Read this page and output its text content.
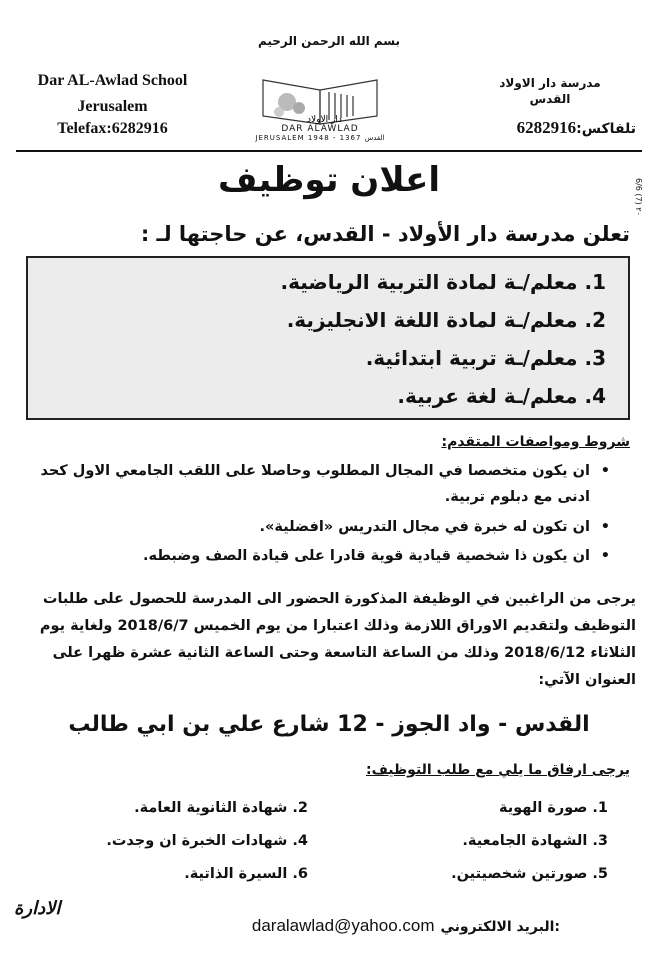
بسم الله الرحمن الرحيم
Dar AL-Awlad School
Jerusalem
Telefax:6282916
مدرسة دار الاولاد
القدس
تلفاكس:6282916
دار الاولاد
DAR ALAWLAD
JERUSALEM 1948 - 1367 القدس
6/6 (7) ٢٠
اعلان توظيف
تعلن مدرسة دار الأولاد - القدس، عن حاجتها لـ :
1. معلم/ـة لمادة التربية الرياضية.
2. معلم/ـة لمادة اللغة الانجليزية.
3. معلم/ـة تربية ابتدائية.
4. معلم/ـة لغة عربية.
شروط ومواصفات المتقدم:
• ان يكون متخصصا في المجال المطلوب وحاصلا على اللقب الجامعي الاول كحد ادنى مع دبلوم تربية.
• ان تكون له خبرة في مجال التدريس «افضلية».
• ان يكون ذا شخصية قيادية قوية قادرا على قيادة الصف وضبطه.
يرجى من الراغبين في الوظيفة المذكورة الحضور الى المدرسة للحصول على طلبات التوظيف ولتقديم الاوراق اللازمة وذلك اعتبارا من يوم الخميس 2018/6/7 ولغاية يوم الثلاثاء 2018/6/12 وذلك من الساعة التاسعة وحتى الساعة الثانية عشرة ظهرا على العنوان الآتي:
القدس - واد الجوز - 12 شارع علي بن ابي طالب
يرجى ارفاق ما يلي مع طلب التوظيف:
1. صورة الهوية
2. شهادة الثانوية العامة.
3. الشهادة الجامعية.
4. شهادات الخبرة ان وجدت.
5. صورتين شخصيتين.
6. السيرة الذاتية.
الادارة
البريد الالكتروني:
daralawlad@yahoo.com
